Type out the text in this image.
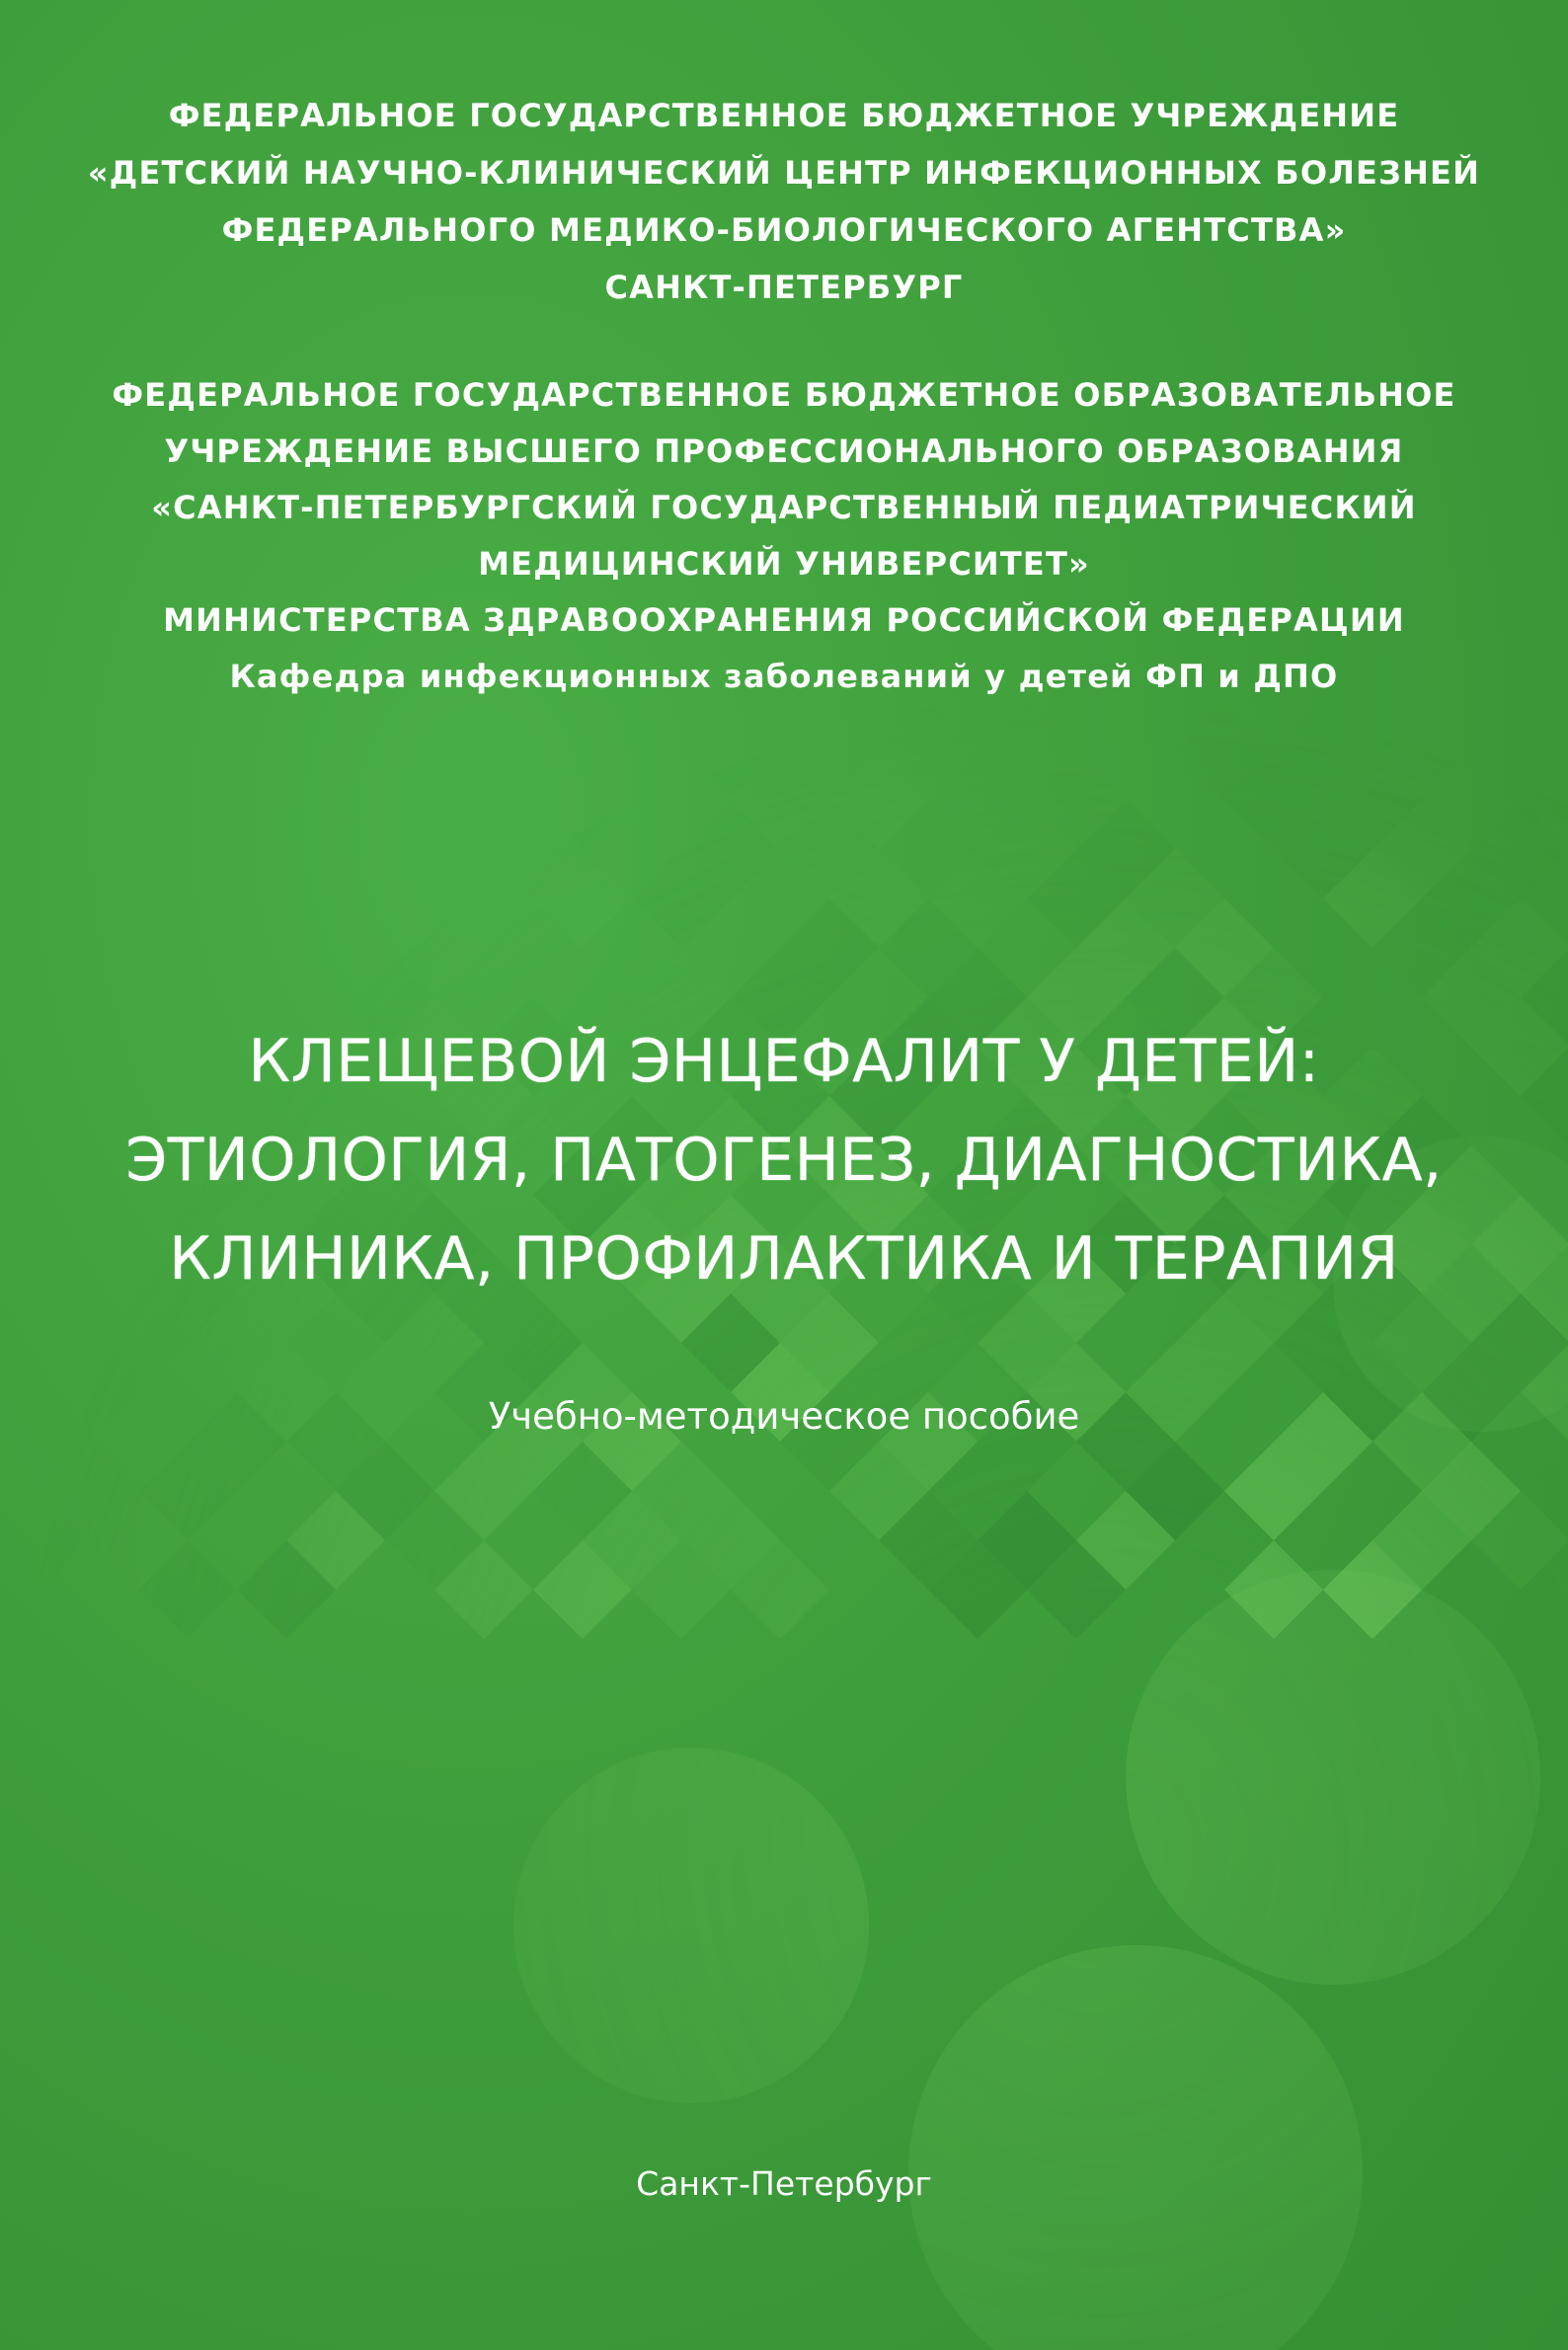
ФЕДЕРАЛЬНОЕ ГОСУДАРСТВЕННОЕ БЮДЖЕТНОЕ УЧРЕЖДЕНИЕ
«ДЕТСКИЙ НАУЧНО-КЛИНИЧЕСКИЙ ЦЕНТР ИНФЕКЦИОННЫХ БОЛЕЗНЕЙ
ФЕДЕРАЛЬНОГО МЕДИКО-БИОЛОГИЧЕСКОГО АГЕНТСТВА»
САНКТ-ПЕТЕРБУРГ
ФЕДЕРАЛЬНОЕ ГОСУДАРСТВЕННОЕ БЮДЖЕТНОЕ ОБРАЗОВАТЕЛЬНОЕ
УЧРЕЖДЕНИЕ ВЫСШЕГО ПРОФЕССИОНАЛЬНОГО ОБРАЗОВАНИЯ
«САНКТ-ПЕТЕРБУРГСКИЙ ГОСУДАРСТВЕННЫЙ ПЕДИАТРИЧЕСКИЙ
МЕДИЦИНСКИЙ УНИВЕРСИТЕТ»
МИНИСТЕРСТВА ЗДРАВООХРАНЕНИЯ РОССИЙСКОЙ ФЕДЕРАЦИИ
Кафедра инфекционных заболеваний у детей ФП и ДПО
КЛЕЩЕВОЙ ЭНЦЕФАЛИТ У ДЕТЕЙ:
ЭТИОЛОГИЯ, ПАТОГЕНЕЗ, ДИАГНОСТИКА,
КЛИНИКА, ПРОФИЛАКТИКА И ТЕРАПИЯ
Учебно-методическое пособие
Санкт-Петербург
